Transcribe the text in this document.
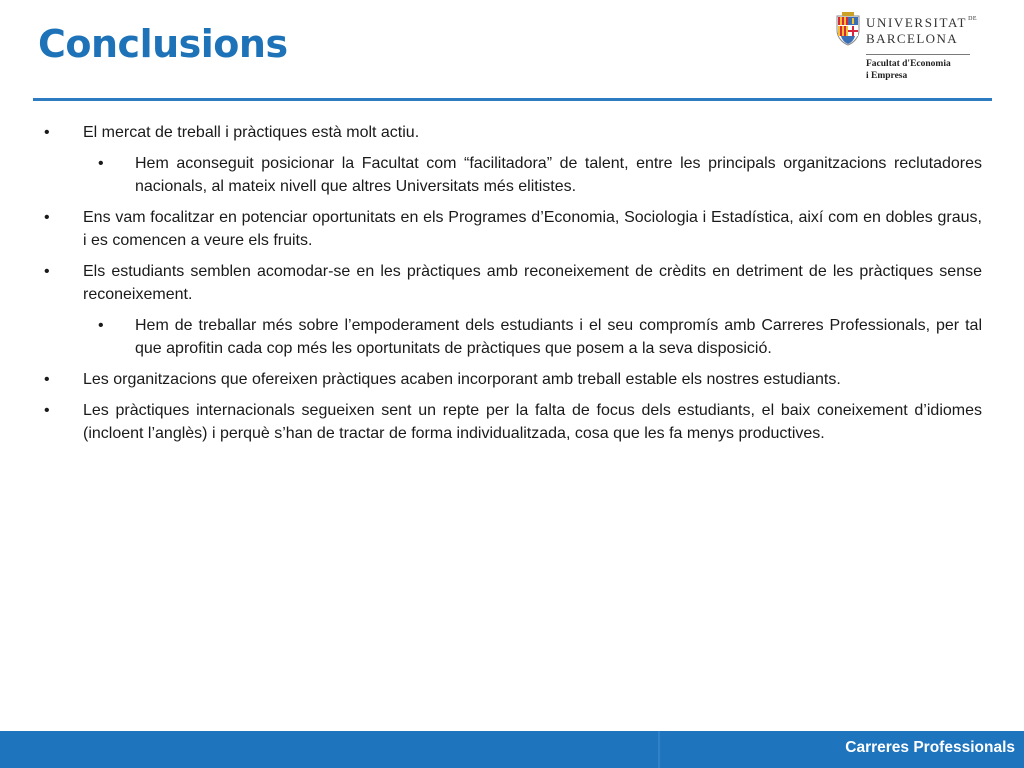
Conclusions	$UNIVERSITAT^{DE}$
BARCELONA
Facultat d'Economia
i Empresa
• El mercat de treball i pràctiques està molt actiu.
• Hem aconseguit posicionar la Facultat com “facilitadora” de talent, entre les principals organitzacions reclutadores nacionals, al mateix nivell que altres Universitats més elitistes.
• Ens vam focalitzar en potenciar oportunitats en els Programes d’Economia, Sociologia i Estadística, així com en dobles graus, i es comencen a veure els fruits.
• Els estudiants semblen acomodar-se en les pràctiques amb reconeixement de crèdits en detriment de les pràctiques sense reconeixement.
• Hem de treballar més sobre l’empoderament dels estudiants i el seu compromís amb Carreres Professionals, per tal que aprofitin cada cop més les oportunitats de pràctiques que posem a la seva disposició.
• Les organitzacions que ofereixen pràctiques acaben incorporant amb treball estable els nostres estudiants.
• Les pràctiques internacionals segueixen sent un repte per la falta de focus dels estudiants, el baix coneixement d’idiomes (incloent l’anglès) i perquè s’han de tractar de forma individualitzada, cosa que les fa menys productives.
Carreres Professionals
